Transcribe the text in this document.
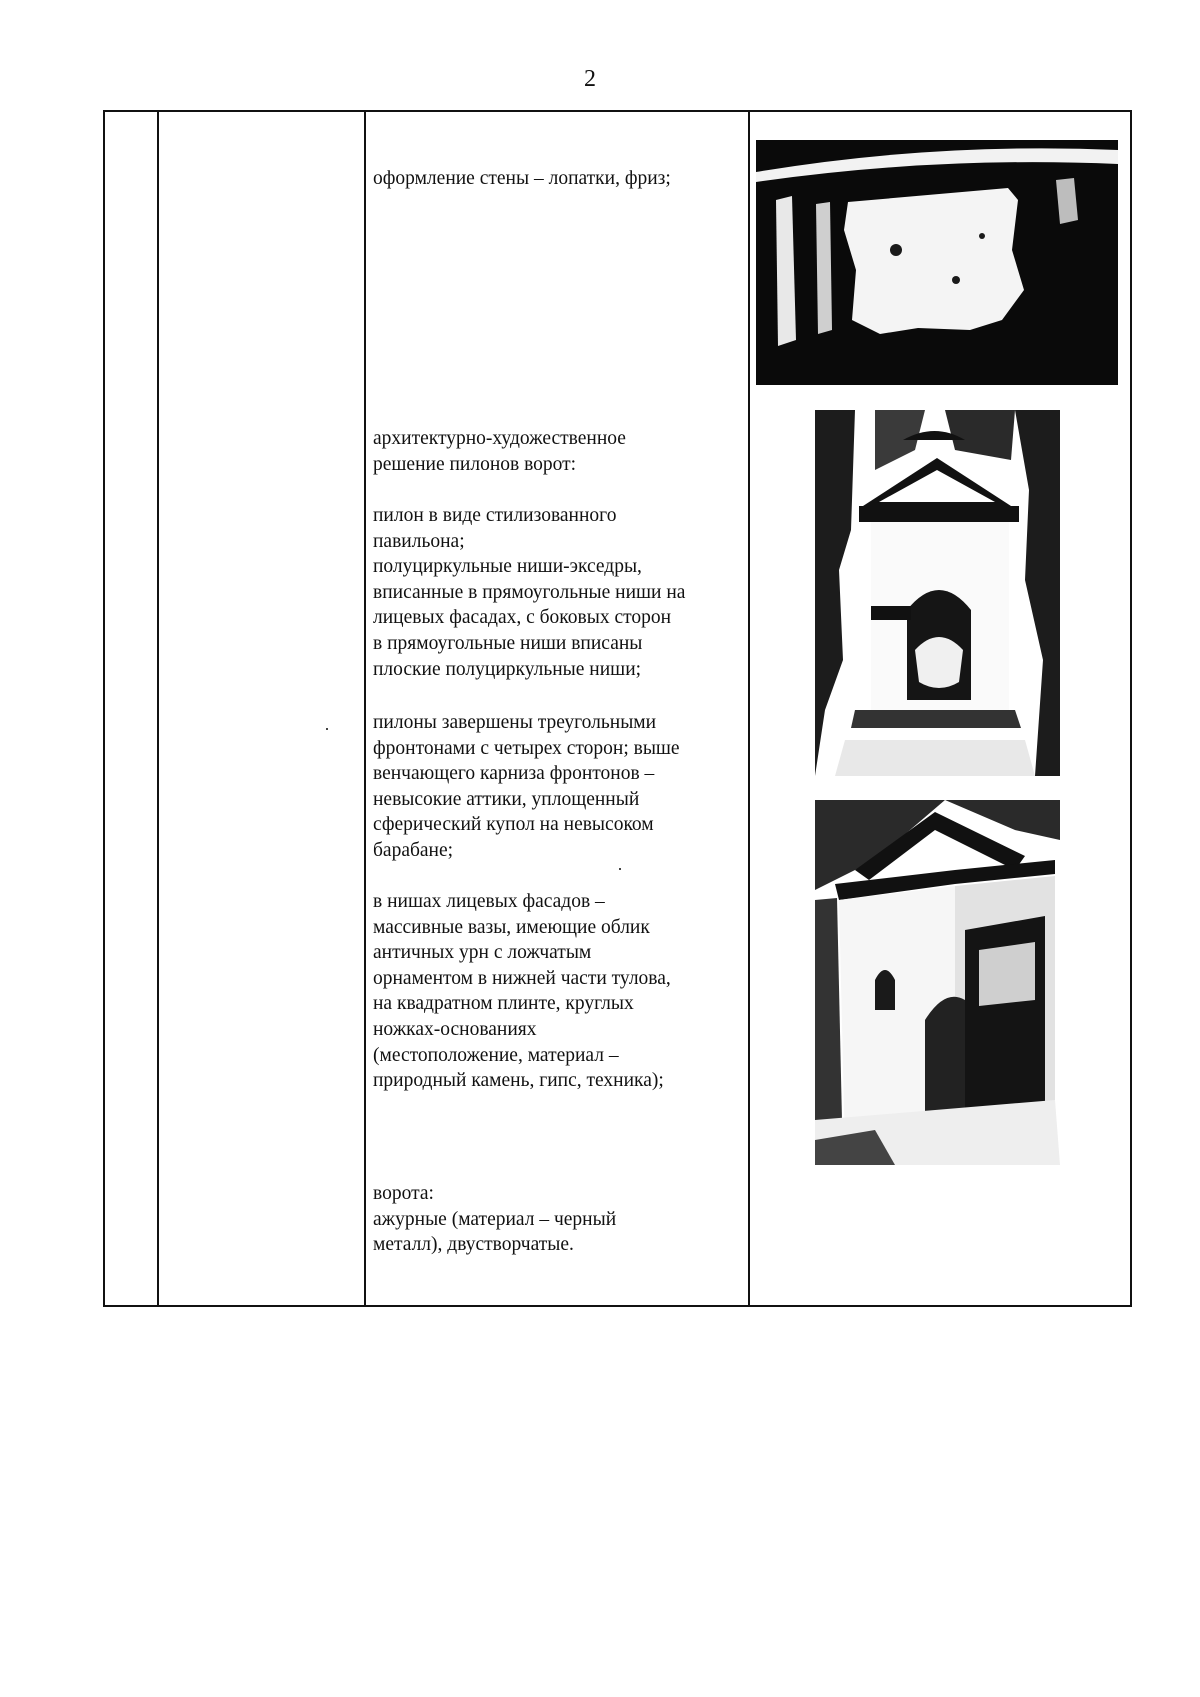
2
оформление стены – лопатки, фриз;
архитектурно-художественное
решение пилонов ворот:
пилон в виде стилизованного
павильона;
полуциркульные ниши-экседры,
вписанные в прямоугольные ниши на
лицевых фасадах, с боковых сторон
в прямоугольные ниши вписаны
плоские полуциркульные ниши;
пилоны завершены треугольными
фронтонами с четырех сторон; выше
венчающего карниза фронтонов –
невысокие аттики, уплощенный
сферический купол на невысоком
барабане;
в нишах лицевых фасадов –
массивные вазы, имеющие облик
античных урн с ложчатым
орнаментом в нижней части тулова,
на квадратном плинте, круглых
ножках-основаниях
(местоположение, материал –
природный камень, гипс, техника);
ворота:
ажурные (материал – черный
металл), двустворчатые.
